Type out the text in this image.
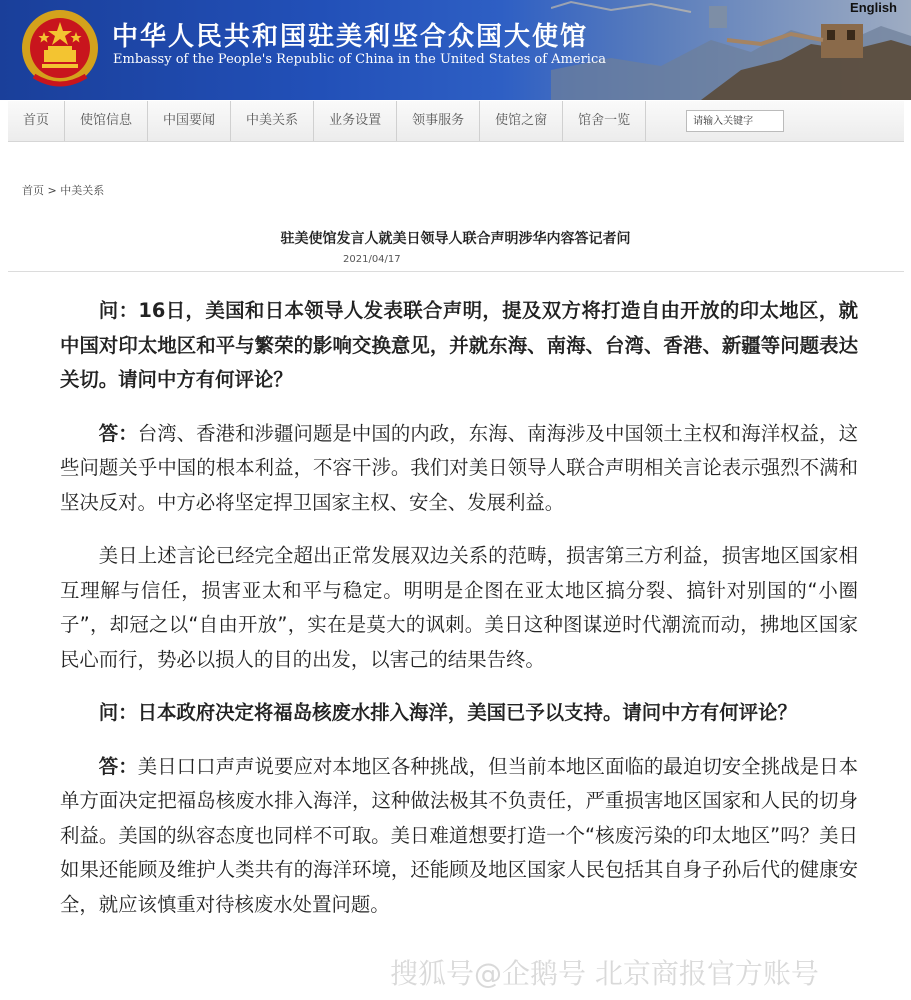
中华人民共和国驻美利坚合众国大使馆
Embassy of the People's Republic of China in the United States of America
English
首页	使馆信息	中国要闻	中美关系	业务设置	领事服务	使馆之窗	馆舍一览
请输入关键字
首页 > 中美关系
驻美使馆发言人就美日领导人联合声明涉华内容答记者问
2021/04/17

问：16日，美国和日本领导人发表联合声明，提及双方将打造自由开放的印太地区，就中国对印太地区和平与繁荣的影响交换意见，并就东海、南海、台湾、香港、新疆等问题表达关切。请问中方有何评论？

答：台湾、香港和涉疆问题是中国的内政，东海、南海涉及中国领土主权和海洋权益，这些问题关乎中国的根本利益，不容干涉。我们对美日领导人联合声明相关言论表示强烈不满和坚决反对。中方必将坚定捍卫国家主权、安全、发展利益。

美日上述言论已经完全超出正常发展双边关系的范畴，损害第三方利益，损害地区国家相互理解与信任，损害亚太和平与稳定。明明是企图在亚太地区搞分裂、搞针对别国的“小圈子”，却冠之以“自由开放”，实在是莫大的讽刺。美日这种图谋逆时代潮流而动，拂地区国家民心而行，势必以损人的目的出发，以害己的结果告终。

问：日本政府决定将福岛核废水排入海洋，美国已予以支持。请问中方有何评论？

答：美日口口声声说要应对本地区各种挑战，但当前本地区面临的最迫切安全挑战是日本单方面决定把福岛核废水排入海洋，这种做法极其不负责任，严重损害地区国家和人民的切身利益。美国的纵容态度也同样不可取。美日难道想要打造一个“核废污染的印太地区”吗？美日如果还能顾及维护人类共有的海洋环境，还能顾及地区国家人民包括其自身子孙后代的健康安全，就应该慎重对待核废水处置问题。

搜狐号@企鹅号 北京商报官方账号
